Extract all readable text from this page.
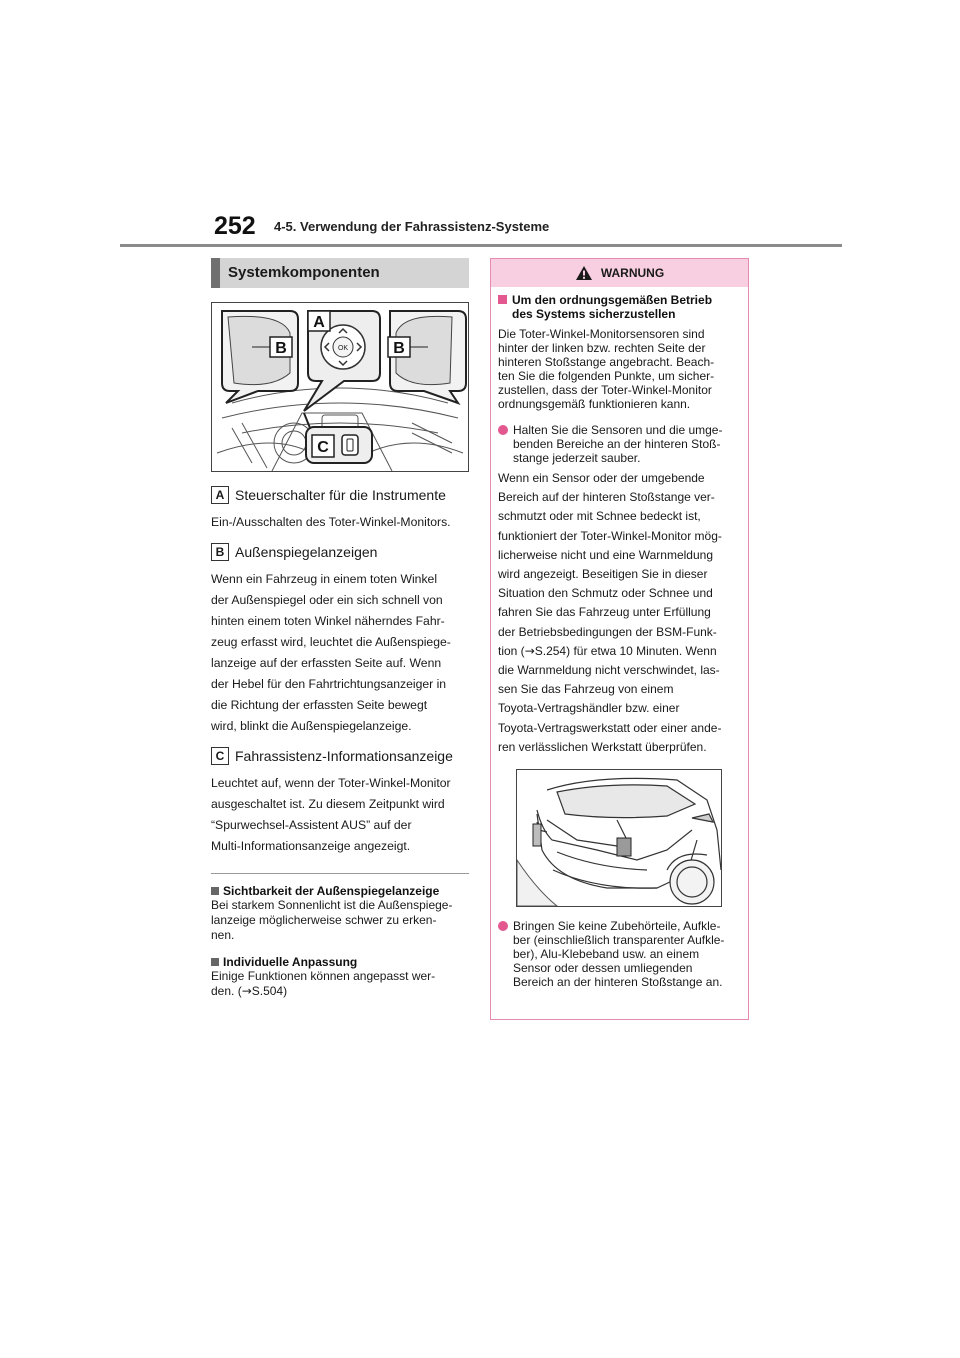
252 4-5. Verwendung der Fahrassistenz-Systeme
Systemkomponenten
OK
A
B	B
C
A Steuerschalter für die Instrumente
Ein-/Ausschalten des Toter-Winkel-Monitors.
B Außenspiegelanzeigen
Wenn ein Fahrzeug in einem toten Winkel
der Außenspiegel oder ein sich schnell von
hinten einem toten Winkel näherndes Fahr-
zeug erfasst wird, leuchtet die Außenspiege-
lanzeige auf der erfassten Seite auf. Wenn
der Hebel für den Fahrtrichtungsanzeiger in
die Richtung der erfassten Seite bewegt
wird, blinkt die Außenspiegelanzeige.
C Fahrassistenz-Informationsanzeige
Leuchtet auf, wenn der Toter-Winkel-Monitor
ausgeschaltet ist. Zu diesem Zeitpunkt wird
“Spurwechsel-Assistent AUS” auf der
Multi-Informationsanzeige angezeigt.
Sichtbarkeit der Außenspiegelanzeige
Bei starkem Sonnenlicht ist die Außenspiege-
lanzeige möglicherweise schwer zu erken-
nen.
Individuelle Anpassung
Einige Funktionen können angepasst wer-
den. (→S.504)
WARNUNG
Um den ordnungsgemäßen Betrieb
des Systems sicherzustellen
Die Toter-Winkel-Monitorsensoren sind
hinter der linken bzw. rechten Seite der
hinteren Stoßstange angebracht. Beach-
ten Sie die folgenden Punkte, um sicher-
zustellen, dass der Toter-Winkel-Monitor
ordnungsgemäß funktionieren kann.
Halten Sie die Sensoren und die umge-
benden Bereiche an der hinteren Stoß-
stange jederzeit sauber.
Wenn ein Sensor oder der umgebende
Bereich auf der hinteren Stoßstange ver-
schmutzt oder mit Schnee bedeckt ist,
funktioniert der Toter-Winkel-Monitor mög-
licherweise nicht und eine Warnmeldung
wird angezeigt. Beseitigen Sie in dieser
Situation den Schmutz oder Schnee und
fahren Sie das Fahrzeug unter Erfüllung
der Betriebsbedingungen der BSM-Funk-
tion (→S.254) für etwa 10 Minuten. Wenn
die Warnmeldung nicht verschwindet, las-
sen Sie das Fahrzeug von einem
Toyota-Vertragshändler bzw. einer
Toyota-Vertragswerkstatt oder einer ande-
ren verlässlichen Werkstatt überprüfen.
Bringen Sie keine Zubehörteile, Aufkle-
ber (einschließlich transparenter Aufkle-
ber), Alu-Klebeband usw. an einem
Sensor oder dessen umliegenden
Bereich an der hinteren Stoßstange an.
